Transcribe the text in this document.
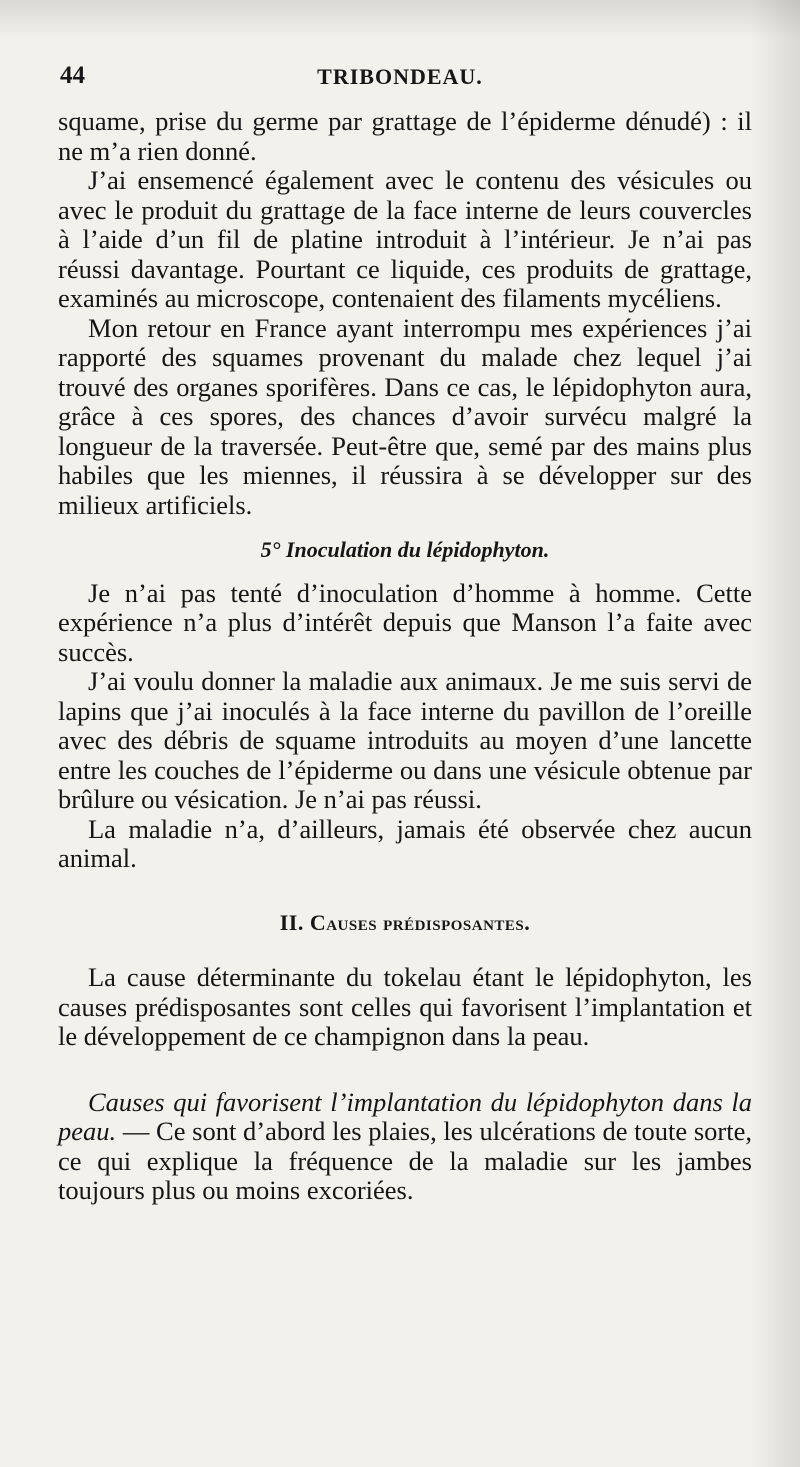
44	TRIBONDEAU.

squame, prise du germe par grattage de l’épiderme dénudé) : il ne m’a rien donné.

J’ai ensemencé également avec le contenu des vésicules ou avec le produit du grattage de la face interne de leurs couvercles à l’aide d’un fil de platine introduit à l’intérieur. Je n’ai pas réussi davantage. Pourtant ce liquide, ces produits de grattage, examinés au microscope, contenaient des filaments mycéliens.

Mon retour en France ayant interrompu mes expériences j’ai rapporté des squames provenant du malade chez lequel j’ai trouvé des organes sporifères. Dans ce cas, le lépidophyton aura, grâce à ces spores, des chances d’avoir survécu malgré la longueur de la traversée. Peut-être que, semé par des mains plus habiles que les miennes, il réussira à se développer sur des milieux artificiels.

5° Inoculation du lépidophyton.

Je n’ai pas tenté d’inoculation d’homme à homme. Cette expérience n’a plus d’intérêt depuis que Manson l’a faite avec succès.

J’ai voulu donner la maladie aux animaux. Je me suis servi de lapins que j’ai inoculés à la face interne du pavillon de l’oreille avec des débris de squame introduits au moyen d’une lancette entre les couches de l’épiderme ou dans une vésicule obtenue par brûlure ou vésication. Je n’ai pas réussi.

La maladie n’a, d’ailleurs, jamais été observée chez aucun animal.

II. Causes prédisposantes.

La cause déterminante du tokelau étant le lépidophyton, les causes prédisposantes sont celles qui favorisent l’implantation et le développement de ce champignon dans la peau.

Causes qui favorisent l’implantation du lépidophyton dans la peau. — Ce sont d’abord les plaies, les ulcérations de toute sorte, ce qui explique la fréquence de la maladie sur les jambes toujours plus ou moins excoriées.
